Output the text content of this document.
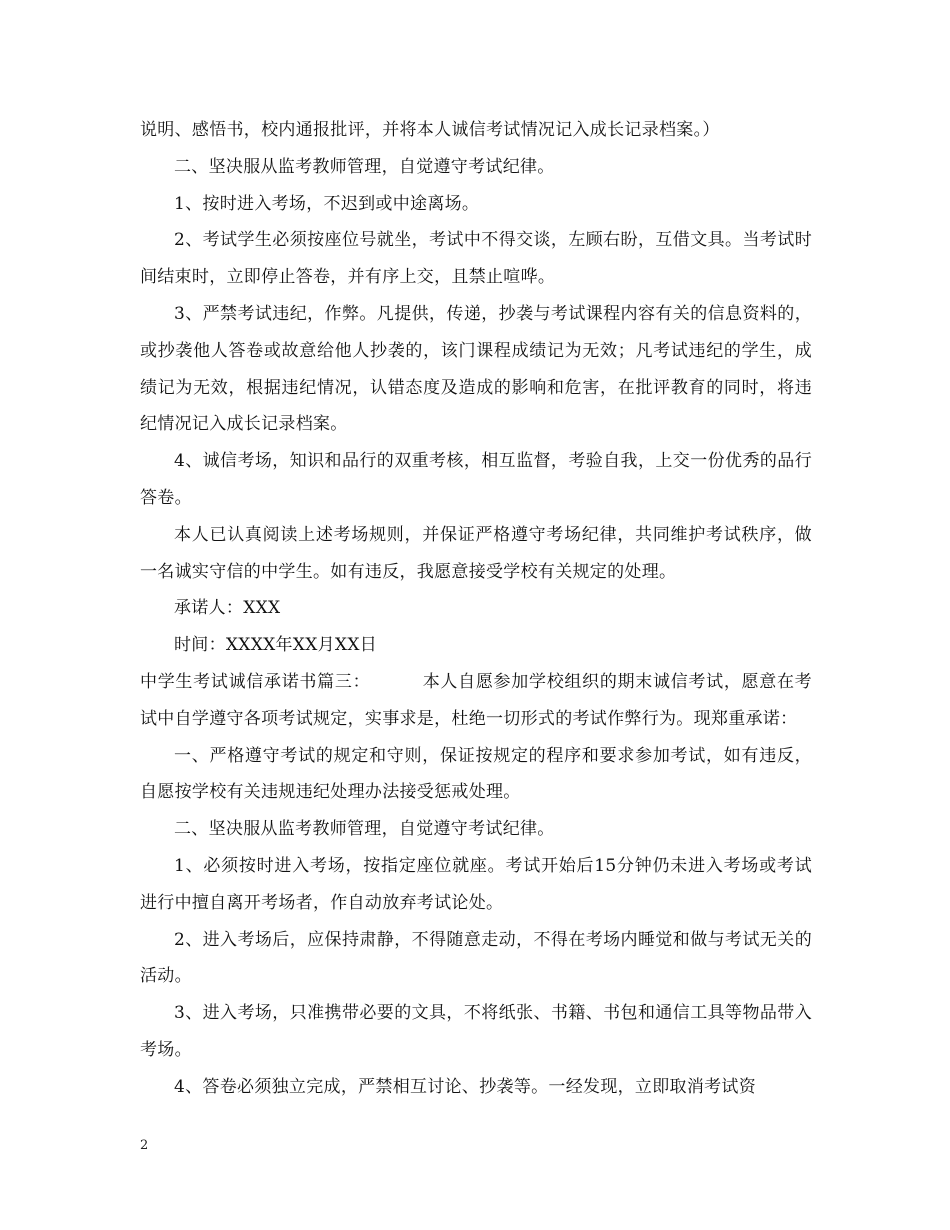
说明、感悟书，校内通报批评，并将本人诚信考试情况记入成长记录档案。）

二、坚决服从监考教师管理，自觉遵守考试纪律。

1、按时进入考场，不迟到或中途离场。

2、考试学生必须按座位号就坐，考试中不得交谈，左顾右盼，互借文具。当考试时间结束时，立即停止答卷，并有序上交，且禁止喧哗。

3、严禁考试违纪，作弊。凡提供，传递，抄袭与考试课程内容有关的信息资料的，或抄袭他人答卷或故意给他人抄袭的，该门课程成绩记为无效；凡考试违纪的学生，成绩记为无效，根据违纪情况，认错态度及造成的影响和危害，在批评教育的同时，将违纪情况记入成长记录档案。

4、诚信考场，知识和品行的双重考核，相互监督，考验自我，上交一份优秀的品行答卷。

本人已认真阅读上述考场规则，并保证严格遵守考场纪律，共同维护考试秩序，做一名诚实守信的中学生。如有违反，我愿意接受学校有关规定的处理。

承诺人：XXX

时间：XXXX年XX月XX日

中学生考试诚信承诺书篇三：	本人自愿参加学校组织的期末诚信考试，愿意在考试中自学遵守各项考试规定，实事求是，杜绝一切形式的考试作弊行为。现郑重承诺：

一、严格遵守考试的规定和守则，保证按规定的程序和要求参加考试，如有违反，自愿按学校有关违规违纪处理办法接受惩戒处理。

二、坚决服从监考教师管理，自觉遵守考试纪律。

1、必须按时进入考场，按指定座位就座。考试开始后15分钟仍未进入考场或考试进行中擅自离开考场者，作自动放弃考试论处。

2、进入考场后，应保持肃静，不得随意走动，不得在考场内睡觉和做与考试无关的活动。

3、进入考场，只准携带必要的文具，不将纸张、书籍、书包和通信工具等物品带入考场。

4、答卷必须独立完成，严禁相互讨论、抄袭等。一经发现，立即取消考试资

2
